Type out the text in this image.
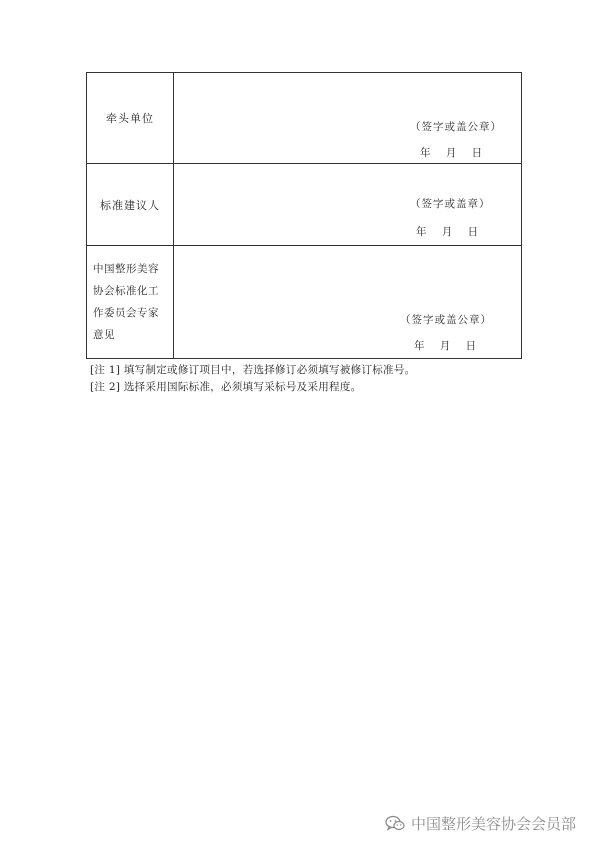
牵头单位	（签字或盖公章）
年 月 日

标准建议人	（签字或盖章）
年 月 日

中国整形美容
协会标准化工
作委员会专家
意见	（签字或盖公章）
年 月 日
[注 1] 填写制定或修订项目中，若选择修订必须填写被修订标准号。
[注 2] 选择采用国际标准，必须填写采标号及采用程度。
中国整形美容协会会员部
